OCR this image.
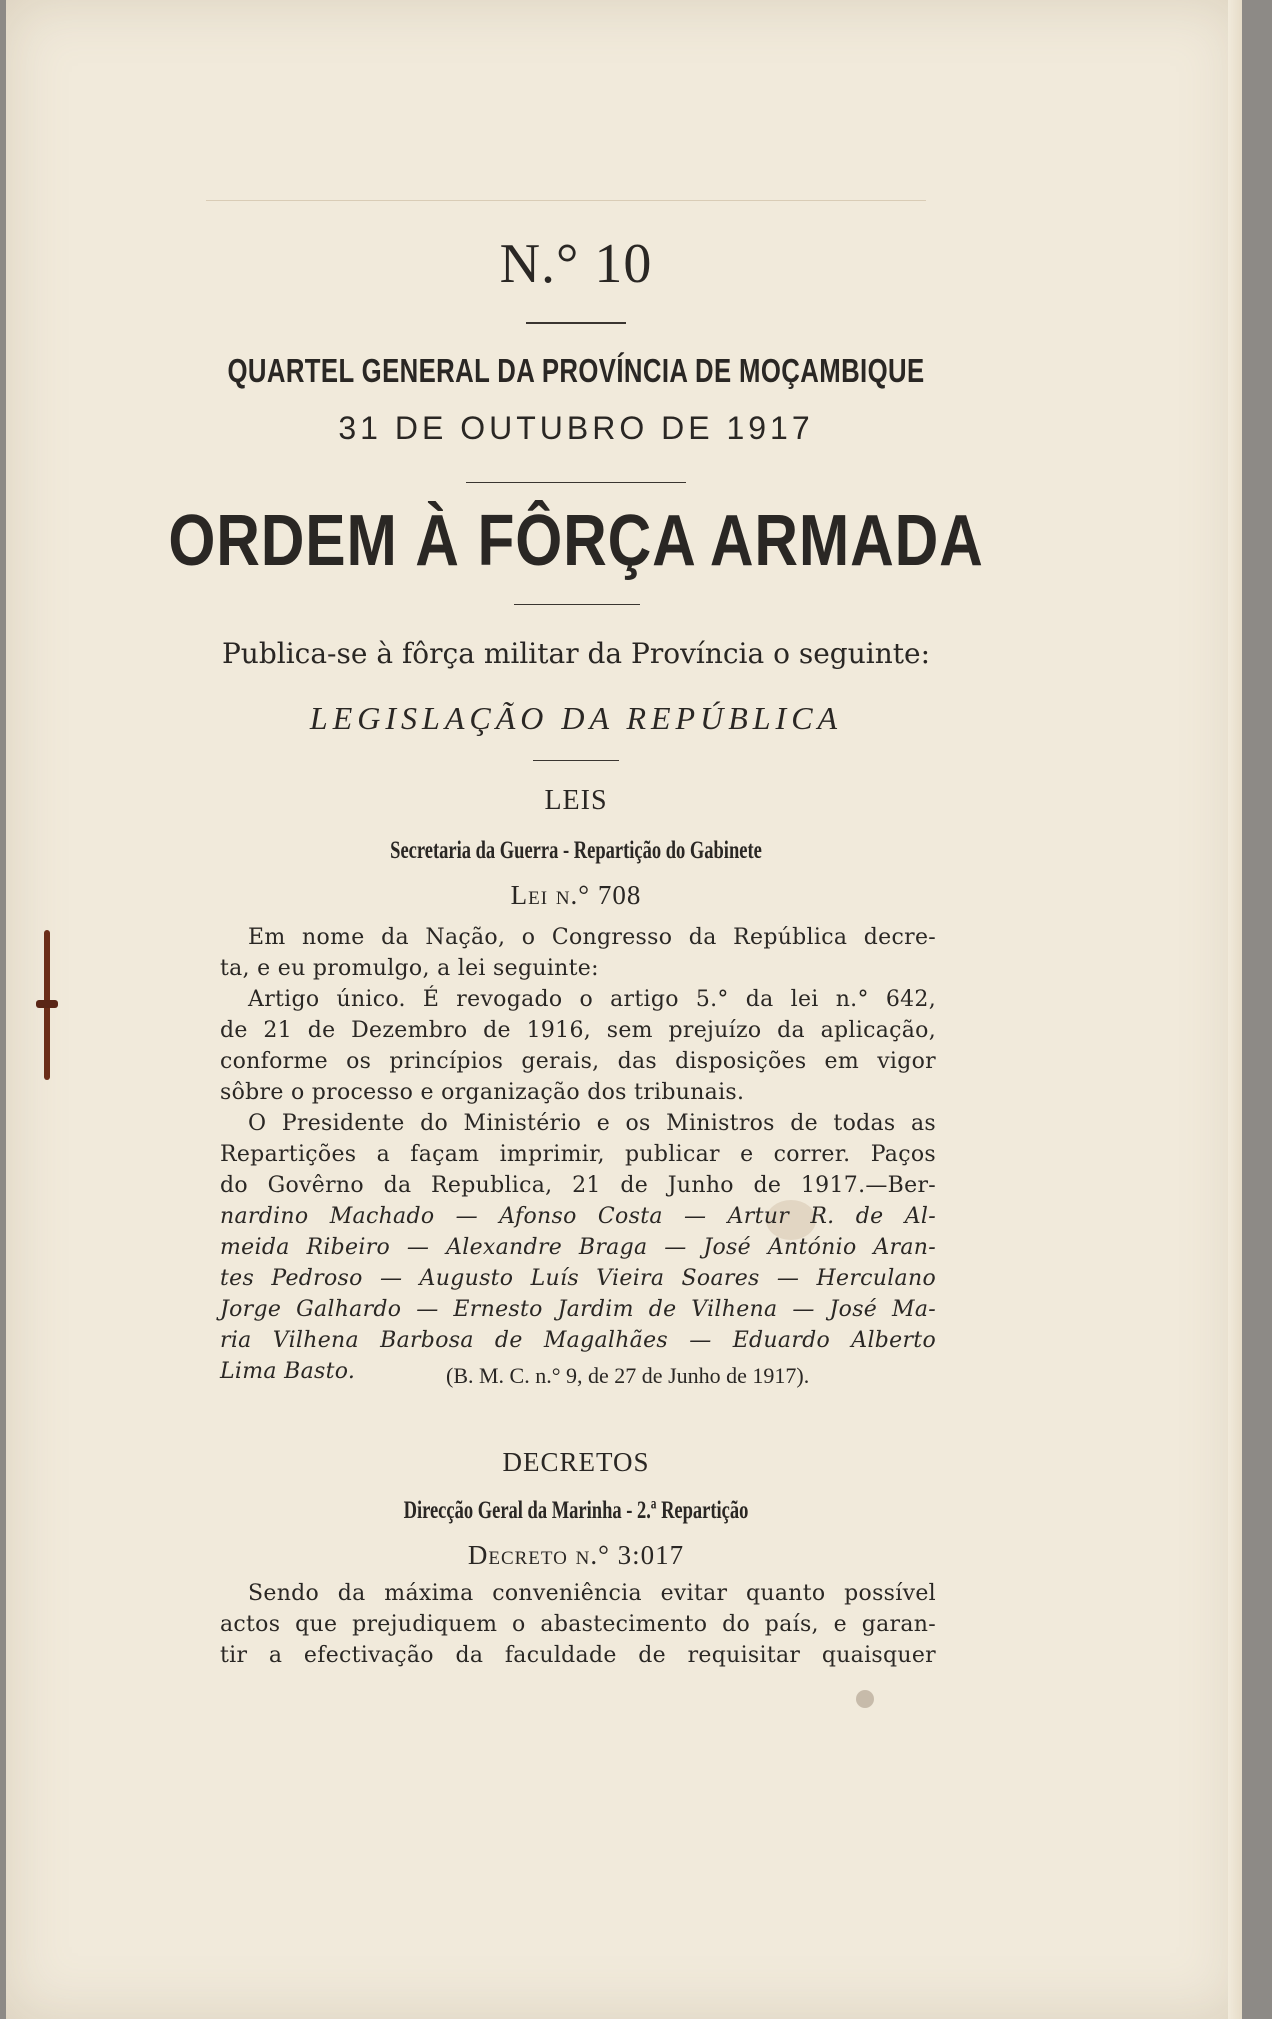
N.° 10
QUARTEL GENERAL DA PROVÍNCIA DE MOÇAMBIQUE
31 DE OUTUBRO DE 1917
ORDEM À FÔRÇA ARMADA
Publica-se à fôrça militar da Província o seguinte:
LEGISLAÇÃO DA REPÚBLICA
LEIS
Secretaria da Guerra - Repartição do Gabinete
Lei n.° 708
Em nome da Nação, o Congresso da República decre-
ta, e eu promulgo, a lei seguinte:
Artigo único. É revogado o artigo 5.° da lei n.° 642,
de 21 de Dezembro de 1916, sem prejuízo da aplicação,
conforme os princípios gerais, das disposições em vigor
sôbre o processo e organização dos tribunais.
O Presidente do Ministério e os Ministros de todas as
Repartições a façam imprimir, publicar e correr. Paços
do Govêrno da Republica, 21 de Junho de 1917.—Ber-
nardino Machado — Afonso Costa — Artur R. de Al-
meida Ribeiro — Alexandre Braga — José António Aran-
tes Pedroso — Augusto Luís Vieira Soares — Herculano
Jorge Galhardo — Ernesto Jardim de Vilhena — José Ma-
ria Vilhena Barbosa de Magalhães — Eduardo Alberto
Lima Basto.	(B. M. C. n.° 9, de 27 de Junho de 1917).
DECRETOS
Direcção Geral da Marinha - 2.ª Repartição
Decreto n.° 3:017
Sendo da máxima conveniência evitar quanto possível
actos que prejudiquem o abastecimento do país, e garan-
tir a efectivação da faculdade de requisitar quaisquer
